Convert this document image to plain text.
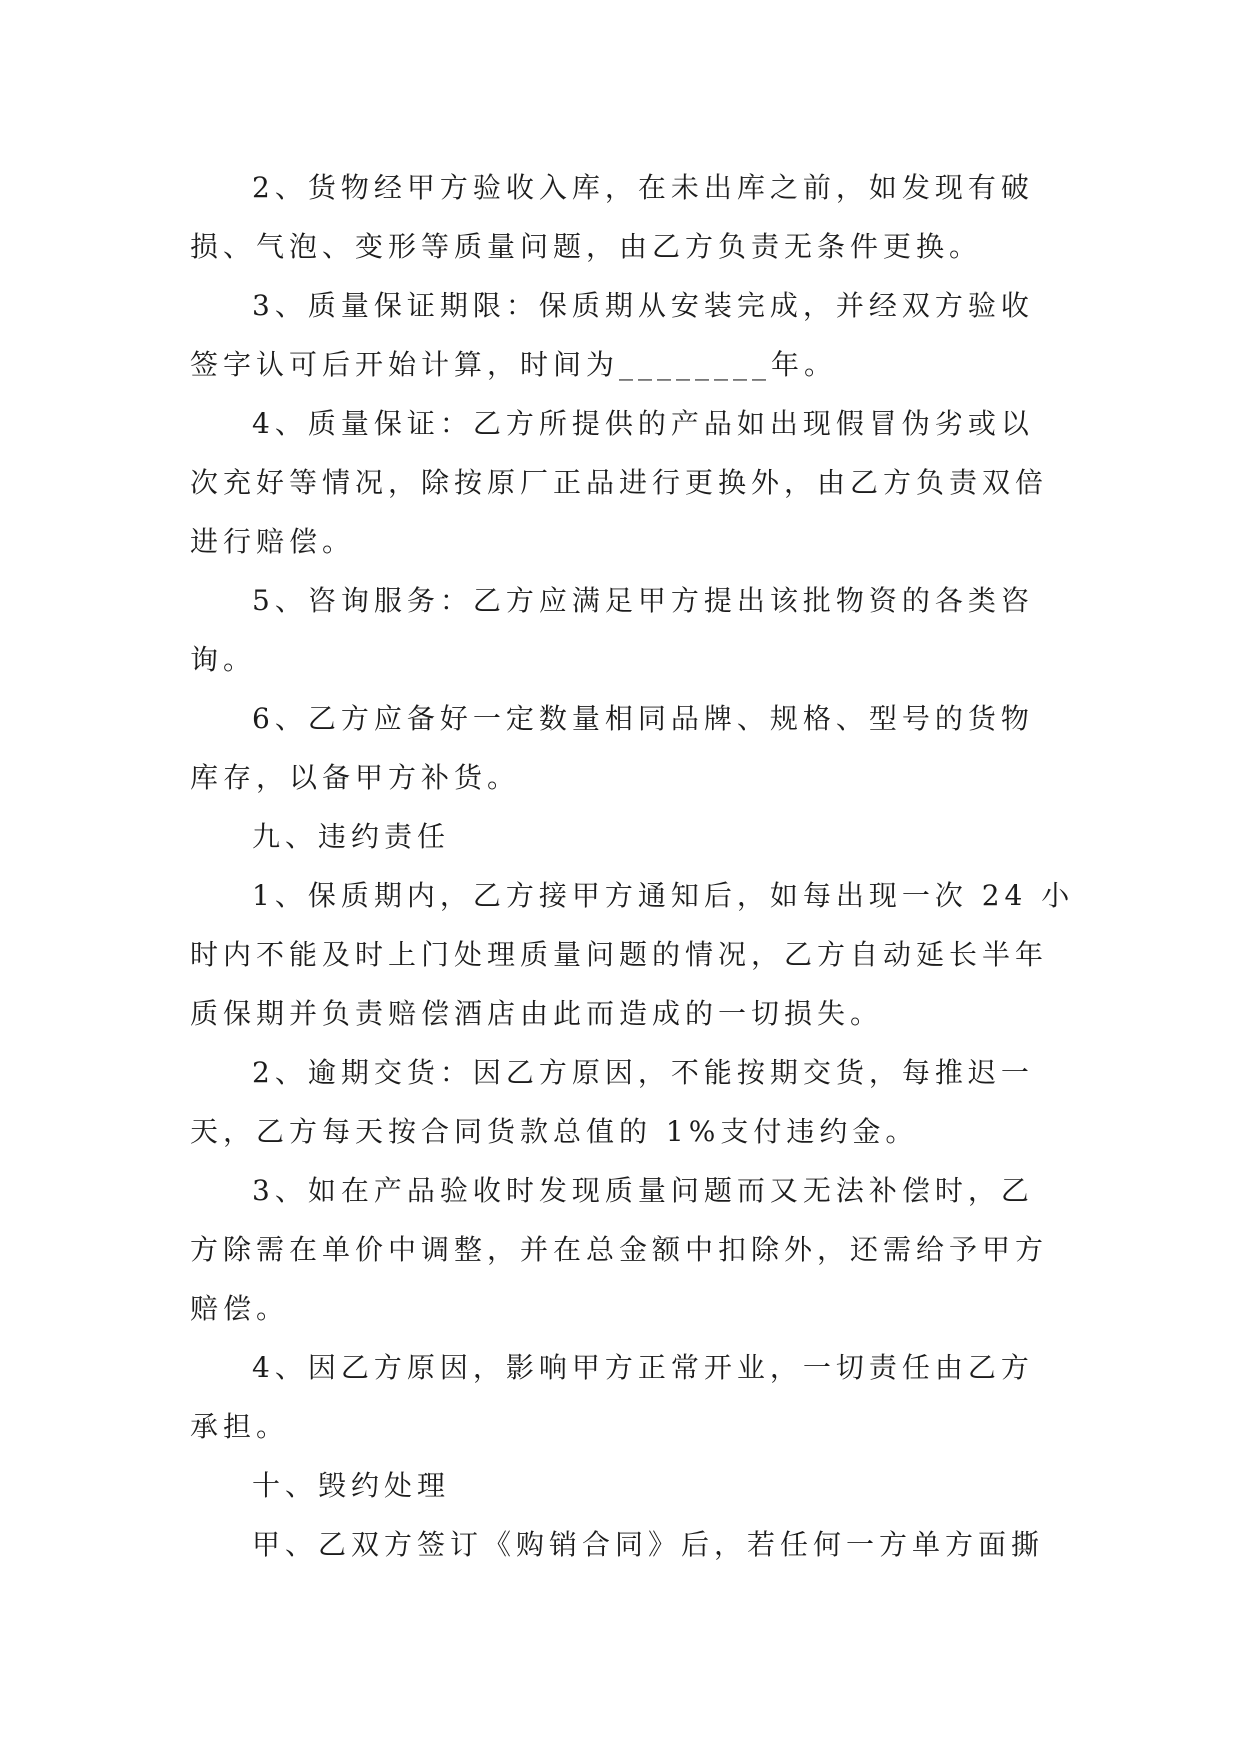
2、货物经甲方验收入库，在未出库之前，如发现有破
损、气泡、变形等质量问题，由乙方负责无条件更换。

3、质量保证期限：保质期从安装完成，并经双方验收
签字认可后开始计算，时间为________年。

4、质量保证：乙方所提供的产品如出现假冒伪劣或以
次充好等情况，除按原厂正品进行更换外，由乙方负责双倍
进行赔偿。

5、咨询服务：乙方应满足甲方提出该批物资的各类咨
询。

6、乙方应备好一定数量相同品牌、规格、型号的货物
库存，以备甲方补货。

九、违约责任

1、保质期内，乙方接甲方通知后，如每出现一次 24 小
时内不能及时上门处理质量问题的情况，乙方自动延长半年
质保期并负责赔偿酒店由此而造成的一切损失。

2、逾期交货：因乙方原因，不能按期交货，每推迟一
天，乙方每天按合同货款总值的 1%支付违约金。

3、如在产品验收时发现质量问题而又无法补偿时，乙
方除需在单价中调整，并在总金额中扣除外，还需给予甲方
赔偿。

4、因乙方原因，影响甲方正常开业，一切责任由乙方
承担。

十、毁约处理

甲、乙双方签订《购销合同》后，若任何一方单方面撕
